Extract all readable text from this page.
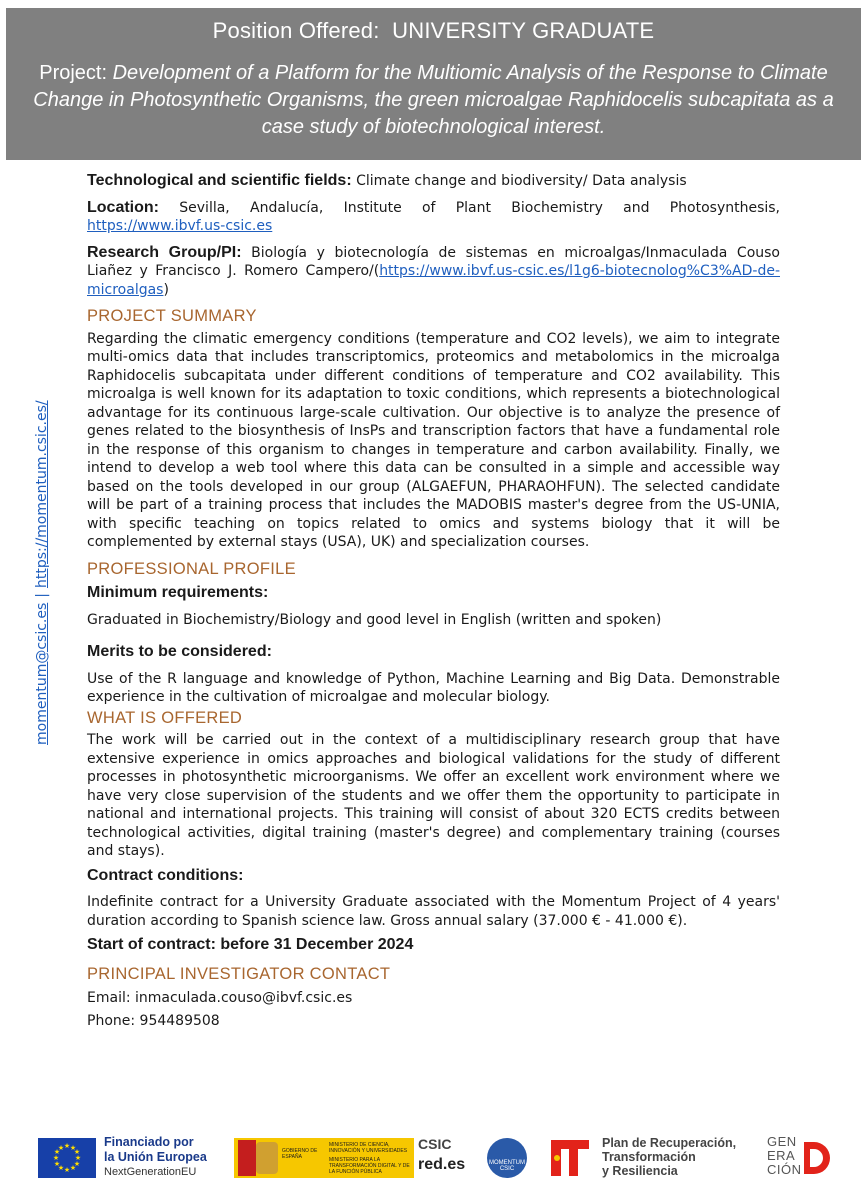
Position Offered: UNIVERSITY GRADUATE
Project: Development of a Platform for the Multiomic Analysis of the Response to Climate Change in Photosynthetic Organisms, the green microalgae Raphidocelis subcapitata as a case study of biotechnological interest.
momentum@csic.es|https://momentum.csic.es/
Technological and scientific fields: Climate change and biodiversity/ Data analysis
Location: Sevilla, Andalucía, Institute of Plant Biochemistry and Photosynthesis, https://www.ibvf.us-csic.es
Research Group/PI: Biología y biotecnología de sistemas en microalgas/Inmaculada Couso Liañez y Francisco J. Romero Campero/(https://www.ibvf.us-csic.es/l1g6-biotecnolog%C3%AD-de-microalgas)
PROJECT SUMMARY
Regarding the climatic emergency conditions (temperature and CO2 levels), we aim to integrate multi-omics data that includes transcriptomics, proteomics and metabolomics in the microalga Raphidocelis subcapitata under different conditions of temperature and CO2 availability. This microalga is well known for its adaptation to toxic conditions, which represents a biotechnological advantage for its continuous large-scale cultivation. Our objective is to analyze the presence of genes related to the biosynthesis of InsPs and transcription factors that have a fundamental role in the response of this organism to changes in temperature and carbon availability. Finally, we intend to develop a web tool where this data can be consulted in a simple and accessible way based on the tools developed in our group (ALGAEFUN, PHARAOHFUN). The selected candidate will be part of a training process that includes the MADOBIS master's degree from the US-UNIA, with specific teaching on topics related to omics and systems biology that it will be complemented by external stays (USA), UK) and specialization courses.
PROFESSIONAL PROFILE
Minimum requirements:
Graduated in Biochemistry/Biology and good level in English (written and spoken)
Merits to be considered:
Use of the R language and knowledge of Python, Machine Learning and Big Data. Demonstrable experience in the cultivation of microalgae and molecular biology.
WHAT IS OFFERED
The work will be carried out in the context of a multidisciplinary research group that have extensive experience in omics approaches and biological validations for the study of different processes in photosynthetic microorganisms. We offer an excellent work environment where we have very close supervision of the students and we offer them the opportunity to participate in national and international projects. This training will consist of about 320 ECTS credits between technological activities, digital training (master's degree) and complementary training (courses and stays).
Contract conditions:
Indefinite contract for a University Graduate associated with the Momentum Project of 4 years' duration according to Spanish science law. Gross annual salary (37.000 € - 41.000 €).
Start of contract: before 31 December 2024
PRINCIPAL INVESTIGATOR CONTACT
Email: inmaculada.couso@ibvf.csic.es
Phone: 954489508
★ ★
★
★
★
★
★
★
★
★
★
★	Financiado por
la Unión Europea
NextGenerationEU
GOBIERNO DE ESPAÑA
MINISTERIO DE CIENCIA, INNOVACIÓN Y UNIVERSIDADES
MINISTERIO PARA LA TRANSFORMACIÓN DIGITAL Y DE LA FUNCIÓN PÚBLICA
CSIC
red.es	MOMENTUM CSIC
Plan de Recuperación,
Transformación
y Resiliencia
GEN
ERA
CIÓN
